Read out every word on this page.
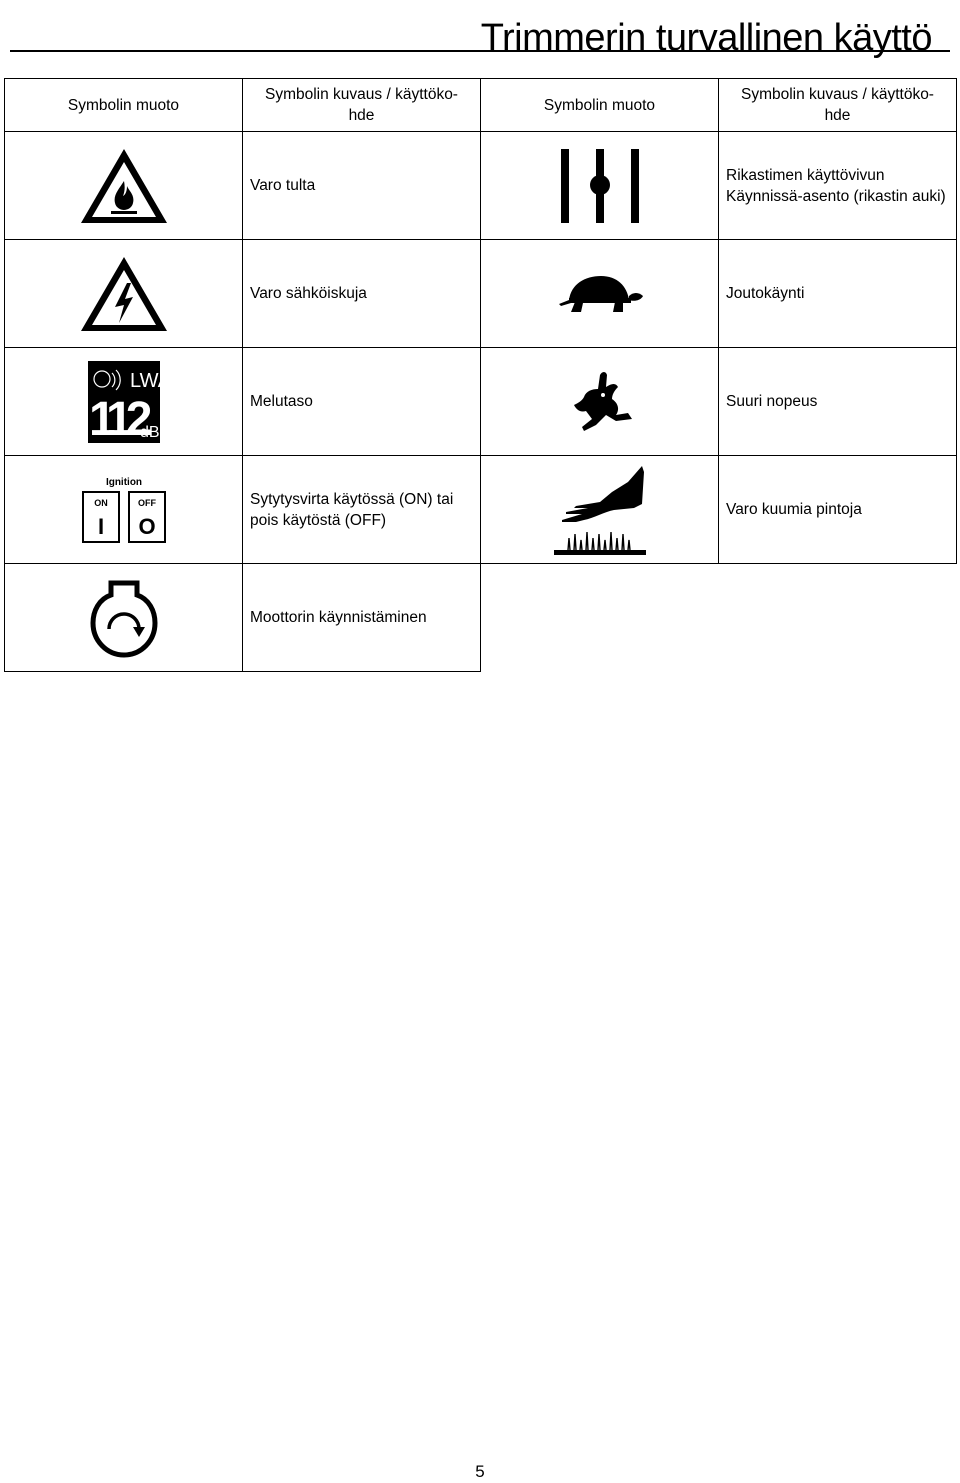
Trimmerin turvallinen käyttö
Symbolin muoto	Symbolin kuvaus / käyttöko-hde	Symbolin muoto	Symbolin kuvaus / käyttöko-hde
	Varo tulta		Rikastimen käyttövivun Käynnissä-asento (rikastin auki)
	Varo sähköiskuja		Joutokäynti

LWA
112
dB	Melutaso		Suuri nopeus

Ignition
ON OFF
I O	Sytytysvirta käytössä (ON) tai pois käytöstä (OFF)		Varo kuumia pintoja
	Moottorin käynnistäminen		
5
